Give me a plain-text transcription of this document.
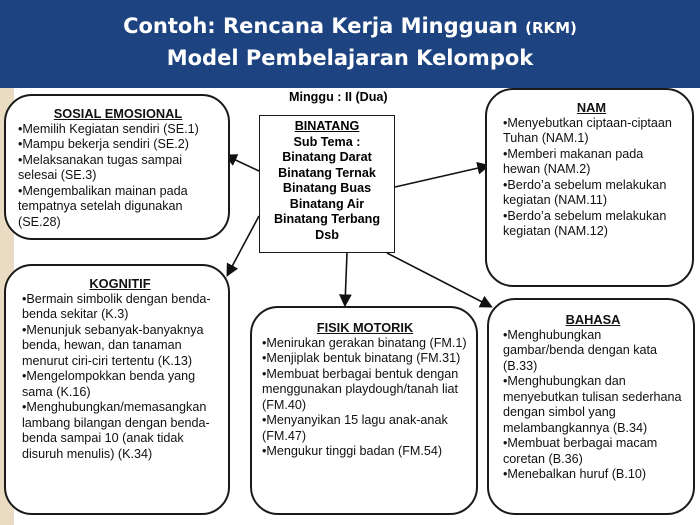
Contoh: Rencana Kerja Mingguan (RKM)
Model Pembelajaran Kelompok
Minggu : II (Dua)
BINATANG
Sub Tema :
Binatang Darat
Binatang Ternak
Binatang Buas
Binatang Air
Binatang Terbang
Dsb
SOSIAL EMOSIONAL

•Memilih Kegiatan sendiri (SE.1)

•Mampu bekerja sendiri (SE.2)

•Melaksanakan tugas sampai selesai (SE.3)

•Mengembalikan mainan pada tempatnya setelah digunakan (SE.28)

NAM

•Menyebutkan ciptaan-ciptaan Tuhan (NAM.1)

•Memberi makanan pada hewan (NAM.2)

•Berdo’a sebelum melakukan kegiatan (NAM.11)

•Berdo’a sebelum melakukan kegiatan (NAM.12)

KOGNITIF

•Bermain simbolik dengan benda-benda sekitar (K.3)

•Menunjuk sebanyak-banyaknya benda, hewan, dan tanaman menurut ciri-ciri tertentu (K.13)

•Mengelompokkan benda yang sama (K.16)

•Menghubungkan/memasangkan lambang bilangan dengan benda-benda sampai 10 (anak tidak disuruh menulis) (K.34)

FISIK MOTORIK

•Menirukan gerakan binatang (FM.1)

•Menjiplak bentuk binatang (FM.31)

•Membuat berbagai bentuk dengan menggunakan playdough/tanah liat (FM.40)

•Menyanyikan 15 lagu anak-anak (FM.47)

•Mengukur tinggi badan (FM.54)

BAHASA

•Menghubungkan gambar/benda dengan kata (B.33)

•Menghubungkan dan menyebutkan tulisan sederhana dengan simbol yang melambangkannya (B.34)

•Membuat berbagai macam coretan (B.36)

•Menebalkan huruf (B.10)
